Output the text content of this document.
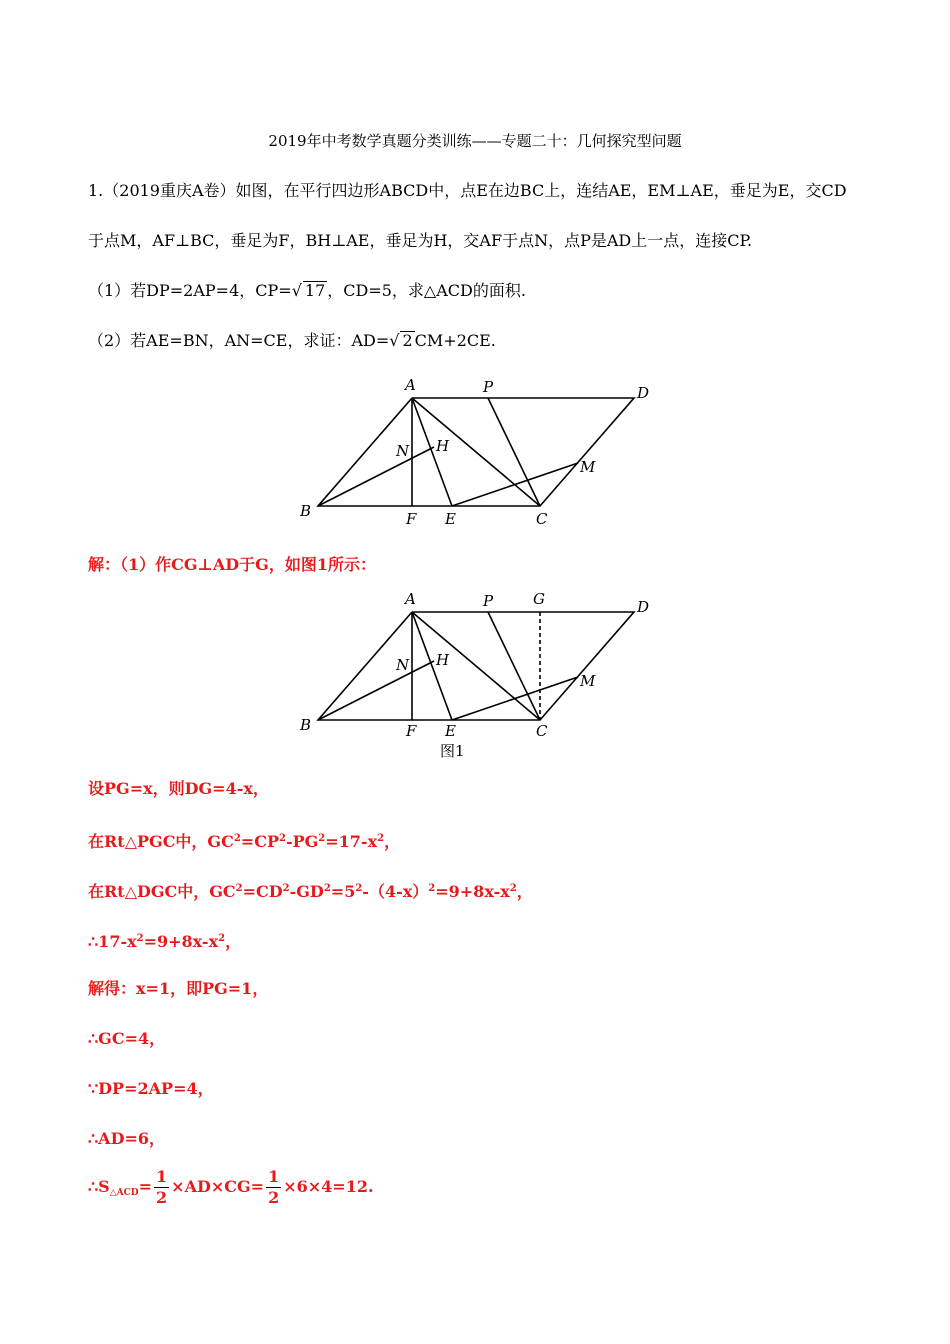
2019年中考数学真题分类训练——专题二十：几何探究型问题
1.（2019重庆A卷）如图，在平行四边形ABCD中，点E在边BC上，连结AE，EM⊥AE，垂足为E，交CD
于点M，AF⊥BC，垂足为F，BH⊥AE，垂足为H，交AF于点N，点P是AD上一点，连接CP.
（1）若DP=2AP=4，CP=√ 17 ，CD=5，求△ACD的面积.
（2）若AE=BN，AN=CE，求证：AD=√ 2 CM+2CE.
A	P	D
N H
M
B	F E	C
A	P	G	D
N H
M
B	F E	C
图1
解：（1）作CG⊥AD于G，如图1所示：
设PG=x，则DG=4-x，
在Rt△PGC中，$GC^2=CP^2-PG^2=17-x^2$，
在Rt△DGC中，$GC^2=CD^2-GD^2=5^2-(4-x)^2=9+8x-x^2$，
$\therefore 17-x^2=9+8x-x^2$，
解得：x=1，即PG=1，
∴GC=4，
∵DP=2AP=4，
∴AD=6，
$\therefore S_{\triangle ACD}= \frac{1}{2} \times AD\times CG= \frac{1}{2} \times 6\times 4=12$.
